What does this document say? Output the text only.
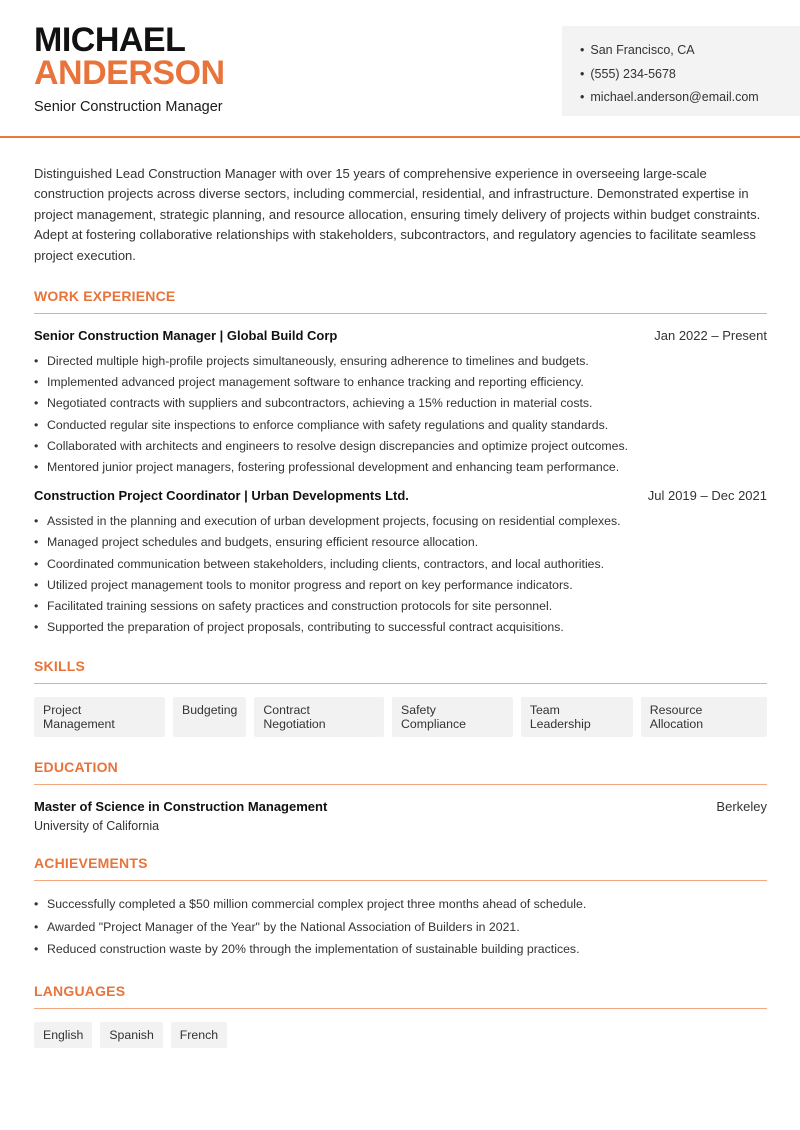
MICHAEL
ANDERSON
Senior Construction Manager
• San Francisco, CA
• (555) 234-5678
• michael.anderson@email.com

Distinguished Lead Construction Manager with over 15 years of comprehensive experience in overseeing large-scale construction projects across diverse sectors, including commercial, residential, and infrastructure. Demonstrated expertise in project management, strategic planning, and resource allocation, ensuring timely delivery of projects within budget constraints. Adept at fostering collaborative relationships with stakeholders, subcontractors, and regulatory agencies to facilitate seamless project execution.

WORK EXPERIENCE
Senior Construction Manager | Global Build Corp	Jan 2022 – Present
• Directed multiple high-profile projects simultaneously, ensuring adherence to timelines and budgets.
• Implemented advanced project management software to enhance tracking and reporting efficiency.
• Negotiated contracts with suppliers and subcontractors, achieving a 15% reduction in material costs.
• Conducted regular site inspections to enforce compliance with safety regulations and quality standards.
• Collaborated with architects and engineers to resolve design discrepancies and optimize project outcomes.
• Mentored junior project managers, fostering professional development and enhancing team performance.
Construction Project Coordinator | Urban Developments Ltd.	Jul 2019 – Dec 2021
• Assisted in the planning and execution of urban development projects, focusing on residential complexes.
• Managed project schedules and budgets, ensuring efficient resource allocation.
• Coordinated communication between stakeholders, including clients, contractors, and local authorities.
• Utilized project management tools to monitor progress and report on key performance indicators.
• Facilitated training sessions on safety practices and construction protocols for site personnel.
• Supported the preparation of project proposals, contributing to successful contract acquisitions.
SKILLS
Project Management
Budgeting	Contract Negotiation
Safety Compliance
Team Leadership
Resource Allocation
EDUCATION
Master of Science in Construction Management	Berkeley
University of California
ACHIEVEMENTS
• Successfully completed a $50 million commercial complex project three months ahead of schedule.
• Awarded "Project Manager of the Year" by the National Association of Builders in 2021.
• Reduced construction waste by 20% through the implementation of sustainable building practices.
LANGUAGES
English	Spanish	French
